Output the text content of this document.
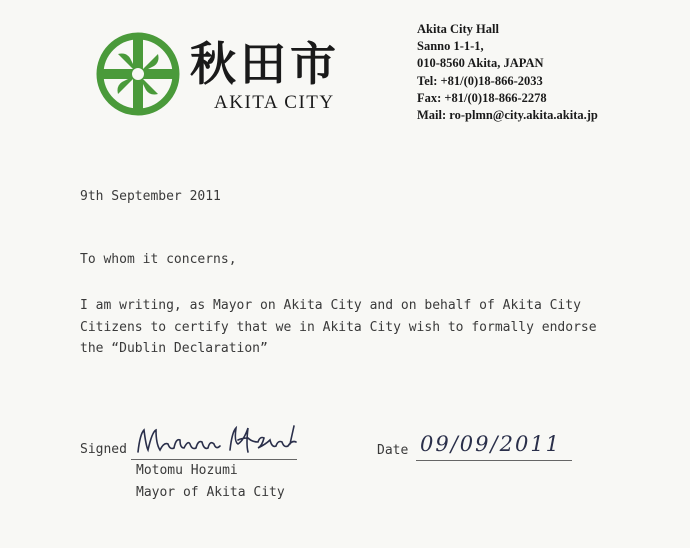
秋田市
AKITA CITY
Akita City Hall
Sanno 1-1-1,
010-8560 Akita, JAPAN
Tel: +81/(0)18-866-2033
Fax: +81/(0)18-866-2278
Mail: ro-plmn@city.akita.akita.jp
9th September 2011
To whom it concerns,
I am writing, as Mayor on Akita City and on behalf of Akita City
Citizens to certify that we in Akita City wish to formally endorse
the “Dublin Declaration”
Signed
Motomu Hozumi
Mayor of Akita City
Date 09/09/2011
